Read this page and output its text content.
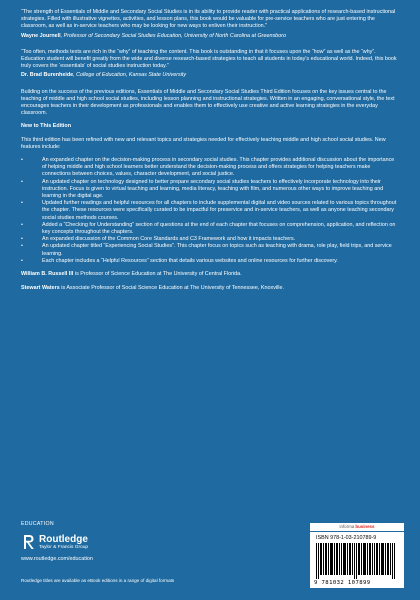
“The strength of Essentials of Middle and Secondary Social Studies is in its ability to provide reader with practical applications of research-based instructional strategies. Filled with illustrative vignettes, activities, and lesson plans, this book would be valuable for pre-service teachers who are just entering the classroom, as well as in-service teachers who may be looking for new ways to enliven their instruction.”

Wayne Journell, Professor of Secondary Social Studies Education, University of North Carolina at Greensboro

“Too often, methods texts are rich in the “why” of teaching the content. This book is outstanding in that it focuses upon the “how” as well as the “why”. Education student will benefit greatly from the wide and diverse research-based strategies to teach all students in today's educational world. Indeed, this book truly covers the ‘essentials’ of social studies instruction today.”

Dr. Brad Burenheide, College of Education, Kansas State University

Building on the success of the previous editions, Essentials of Middle and Secondary Social Studies Third Edition focuses on the key issues central to the teaching of middle and high school social studies, including lesson planning and instructional strategies. Written in an engaging, conversational style, the text encourages teachers in their development as professionals and enables them to effectively use creative and active learning strategies in the everyday classroom.

New to This Edition

This third edition has been refined with new and relevant topics and strategies needed for effectively teaching middle and high school social studies. New features include:

• An expanded chapter on the decision-making process in secondary social studies. This chapter provides additional discussion about the importance of helping middle and high school learners better understand the decision-making process and offers strategies for helping teachers make connections between choices, values, character development, and social justice.
• An updated chapter on technology designed to better prepare secondary social studies teachers to effectively incorporate technology into their instruction. Focus is given to virtual teaching and learning, media literacy, teaching with film, and numerous other ways to improve teaching and learning in the digital age.
• Updated further readings and helpful resources for all chapters to include supplemental digital and video sources related to various topics throughout the chapter. These resources were specifically curated to be impactful for preservice and in-service teachers, as well as anyone teaching secondary social studies methods courses.
• Added a “Checking for Understanding” section of questions at the end of each chapter that focuses on comprehension, application, and reflection on key concepts throughout the chapters.
• An expanded discussion of the Common Core Standards and C3 Framework and how it impacts teachers.
• An updated chapter titled “Experiencing Social Studies”. This chapter focus on topics such as teaching with drama, role play, field trips, and service learning.
• Each chapter includes a “Helpful Resources” section that details various websites and online resources for further discovery.

William B. Russell III is Professor of Science Education at The University of Central Florida.

Stewart Waters is Associate Professor of Social Science Education at The University of Tennessee, Knoxville.

EDUCATION
Routledge
Taylor & Francis Group
www.routledge.com/education
Routledge titles are available as eBook editions in a range of digital formats
informa business
ISBN 978-1-03-210789-9
9 781032 107899
